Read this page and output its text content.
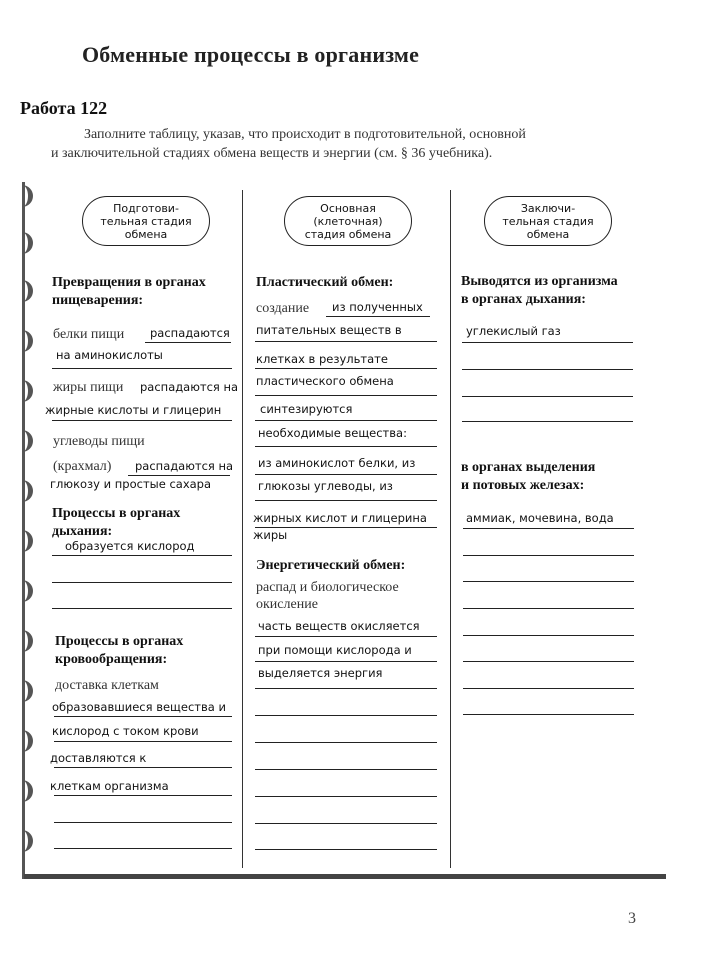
Обменные процессы в организме
Работа 122
Заполните таблицу, указав, что происходит в подготовительной, основной
и заключительной стадиях обмена веществ и энергии (см. § 36 учебника).
Подготови-
тельная стадия
обмена
Основная
(клеточная)
стадия обмена
Заключи-
тельная стадия
обмена
Превращения в органах
пищеварения:
белки пищи распадаются
на аминокислоты
жиры пищи распадаются на
жирные кислоты и глицерин
углеводы пищи
(крахмал) распадаются на
глюкозу и простые сахара
Процессы в органах
дыхания:
образуется кислород
Процессы в органах
кровообращения:
доставка клеткам
образовавшиеся вещества и
кислород с током крови
доставляются к
клеткам организма
Пластический обмен:
создание из полученных
питательных веществ в
клетках в результате
пластического обмена
синтезируются
необходимые вещества:
из аминокислот белки, из
глюкозы углеводы, из
жирных кислот и глицерина
жиры
Энергетический обмен:
распад и биологическое
окисление
часть веществ окисляется
при помощи кислорода и
выделяется энергия
Выводятся из организма
в органах дыхания:
углекислый газ
в органах выделения
и потовых железах:
аммиак, мочевина, вода
3
